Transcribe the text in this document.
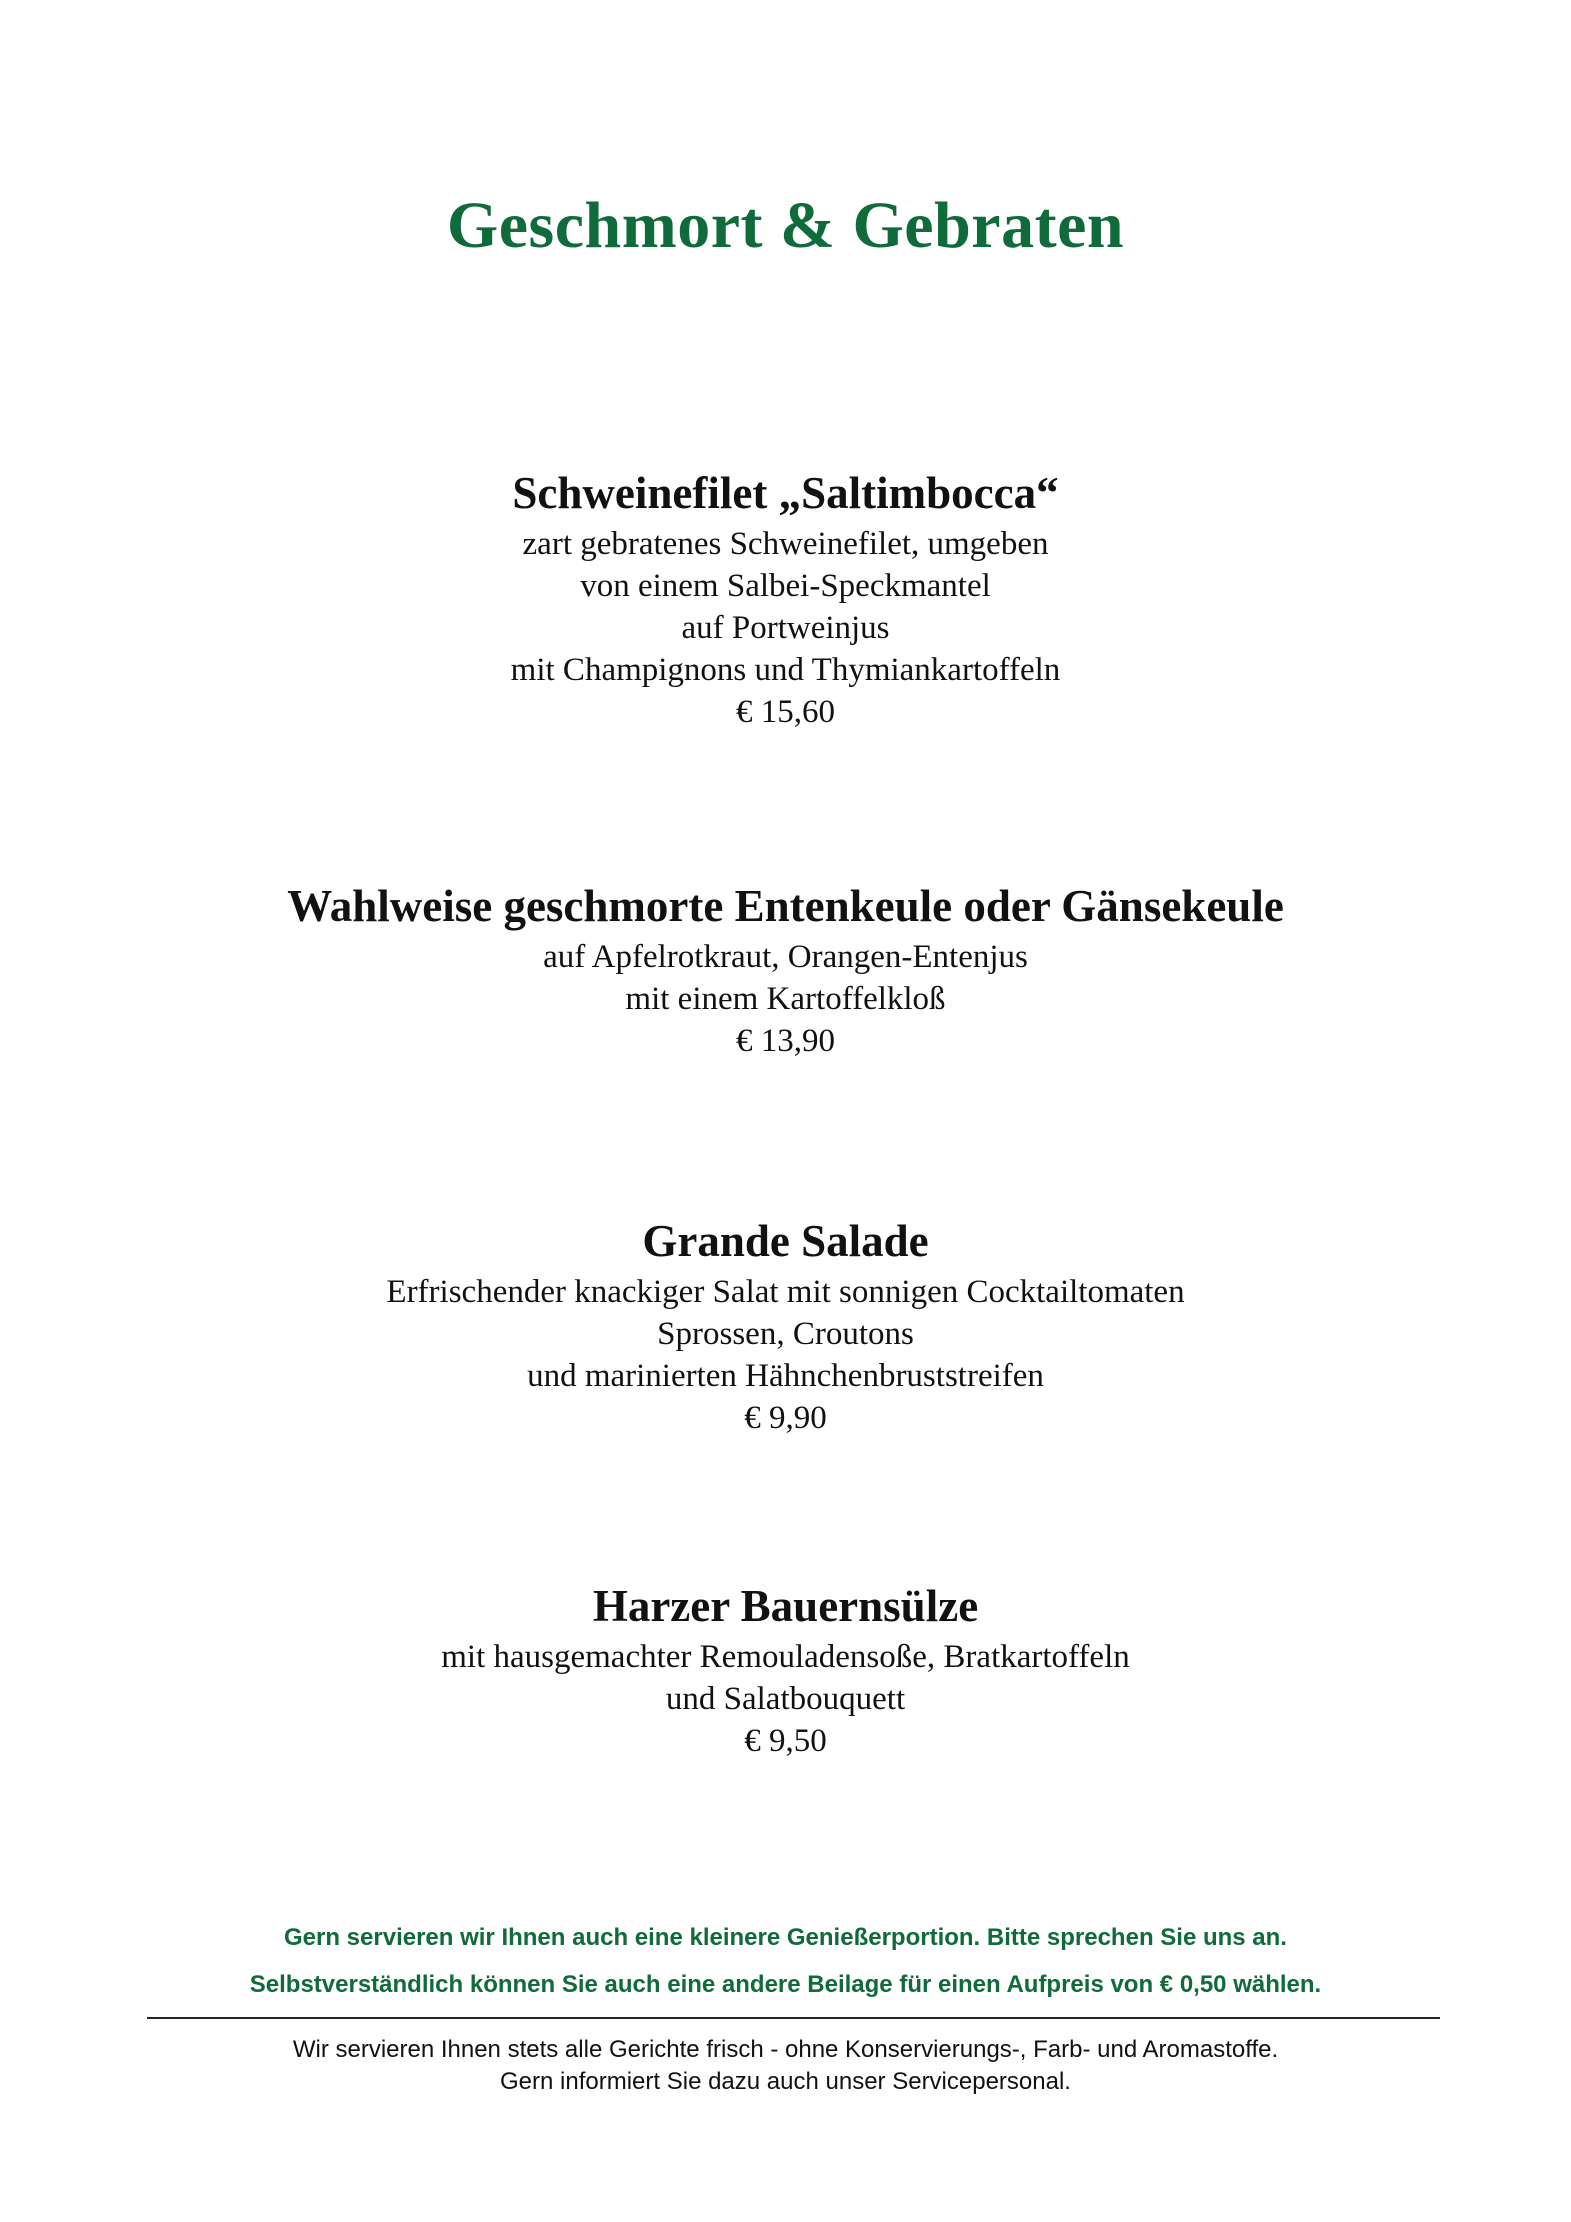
Geschmort & Gebraten

Schweinefilet „Saltimbocca“

zart gebratenes Schweinefilet, umgeben

von einem Salbei-Speckmantel

auf Portweinjus

mit Champignons und Thymiankartoffeln

€ 15,60

Wahlweise geschmorte Entenkeule oder Gänsekeule

auf Apfelrotkraut, Orangen-Entenjus

mit einem Kartoffelkloß

€ 13,90

Grande Salade

Erfrischender knackiger Salat mit sonnigen Cocktailtomaten

Sprossen, Croutons

und marinierten Hähnchenbruststreifen

€ 9,90

Harzer Bauernsülze

mit hausgemachter Remouladensoße, Bratkartoffeln

und Salatbouquett

€ 9,50

Gern servieren wir Ihnen auch eine kleinere Genießerportion. Bitte sprechen Sie uns an.

Selbstverständlich können Sie auch eine andere Beilage für einen Aufpreis von € 0,50 wählen.

Wir servieren Ihnen stets alle Gerichte frisch - ohne Konservierungs-, Farb- und Aromastoffe.

Gern informiert Sie dazu auch unser Servicepersonal.
